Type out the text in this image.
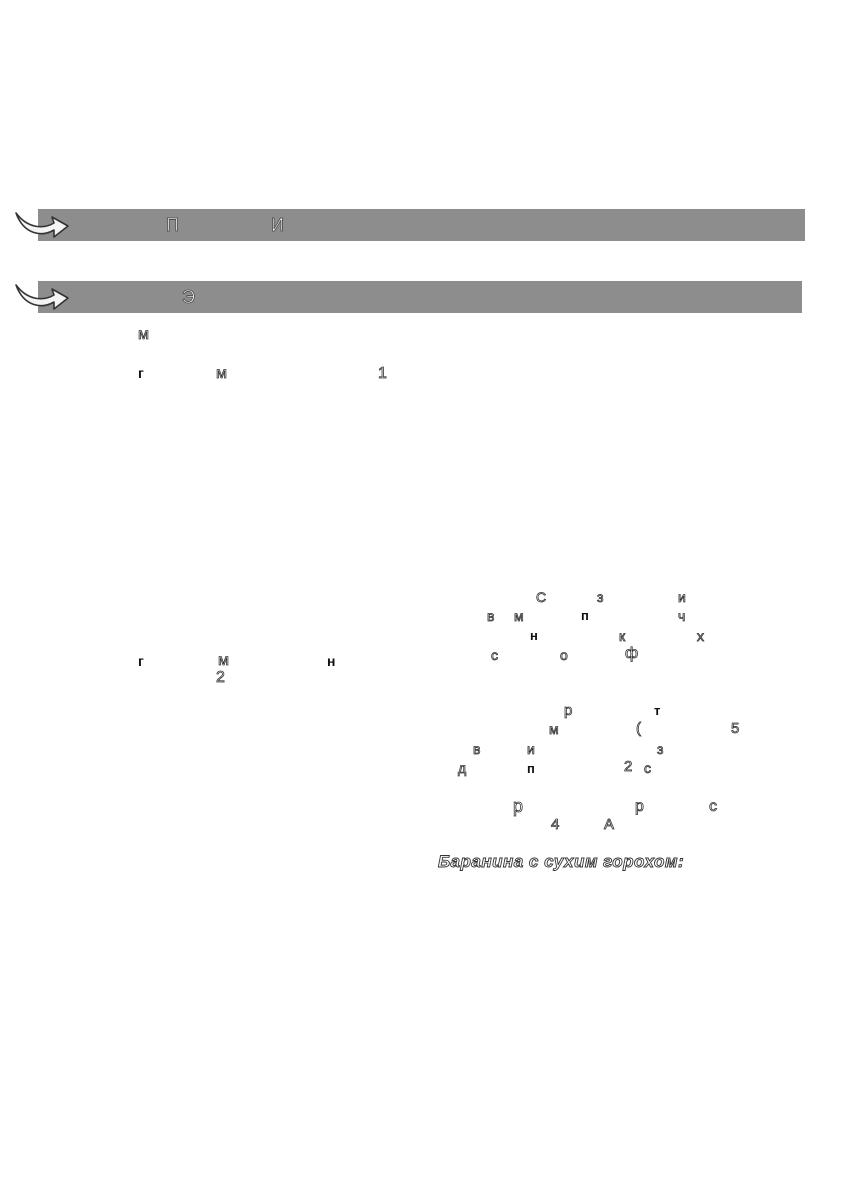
П	И
Э
м
г	м	1
г	м	н
2
С	з	и
в м	п	ч
н	к	х
с	о	ф
р	т
м	(	5
в	и	з
д	п	2 с
р	р	с
4	А
Баранина с сухим горохом:
